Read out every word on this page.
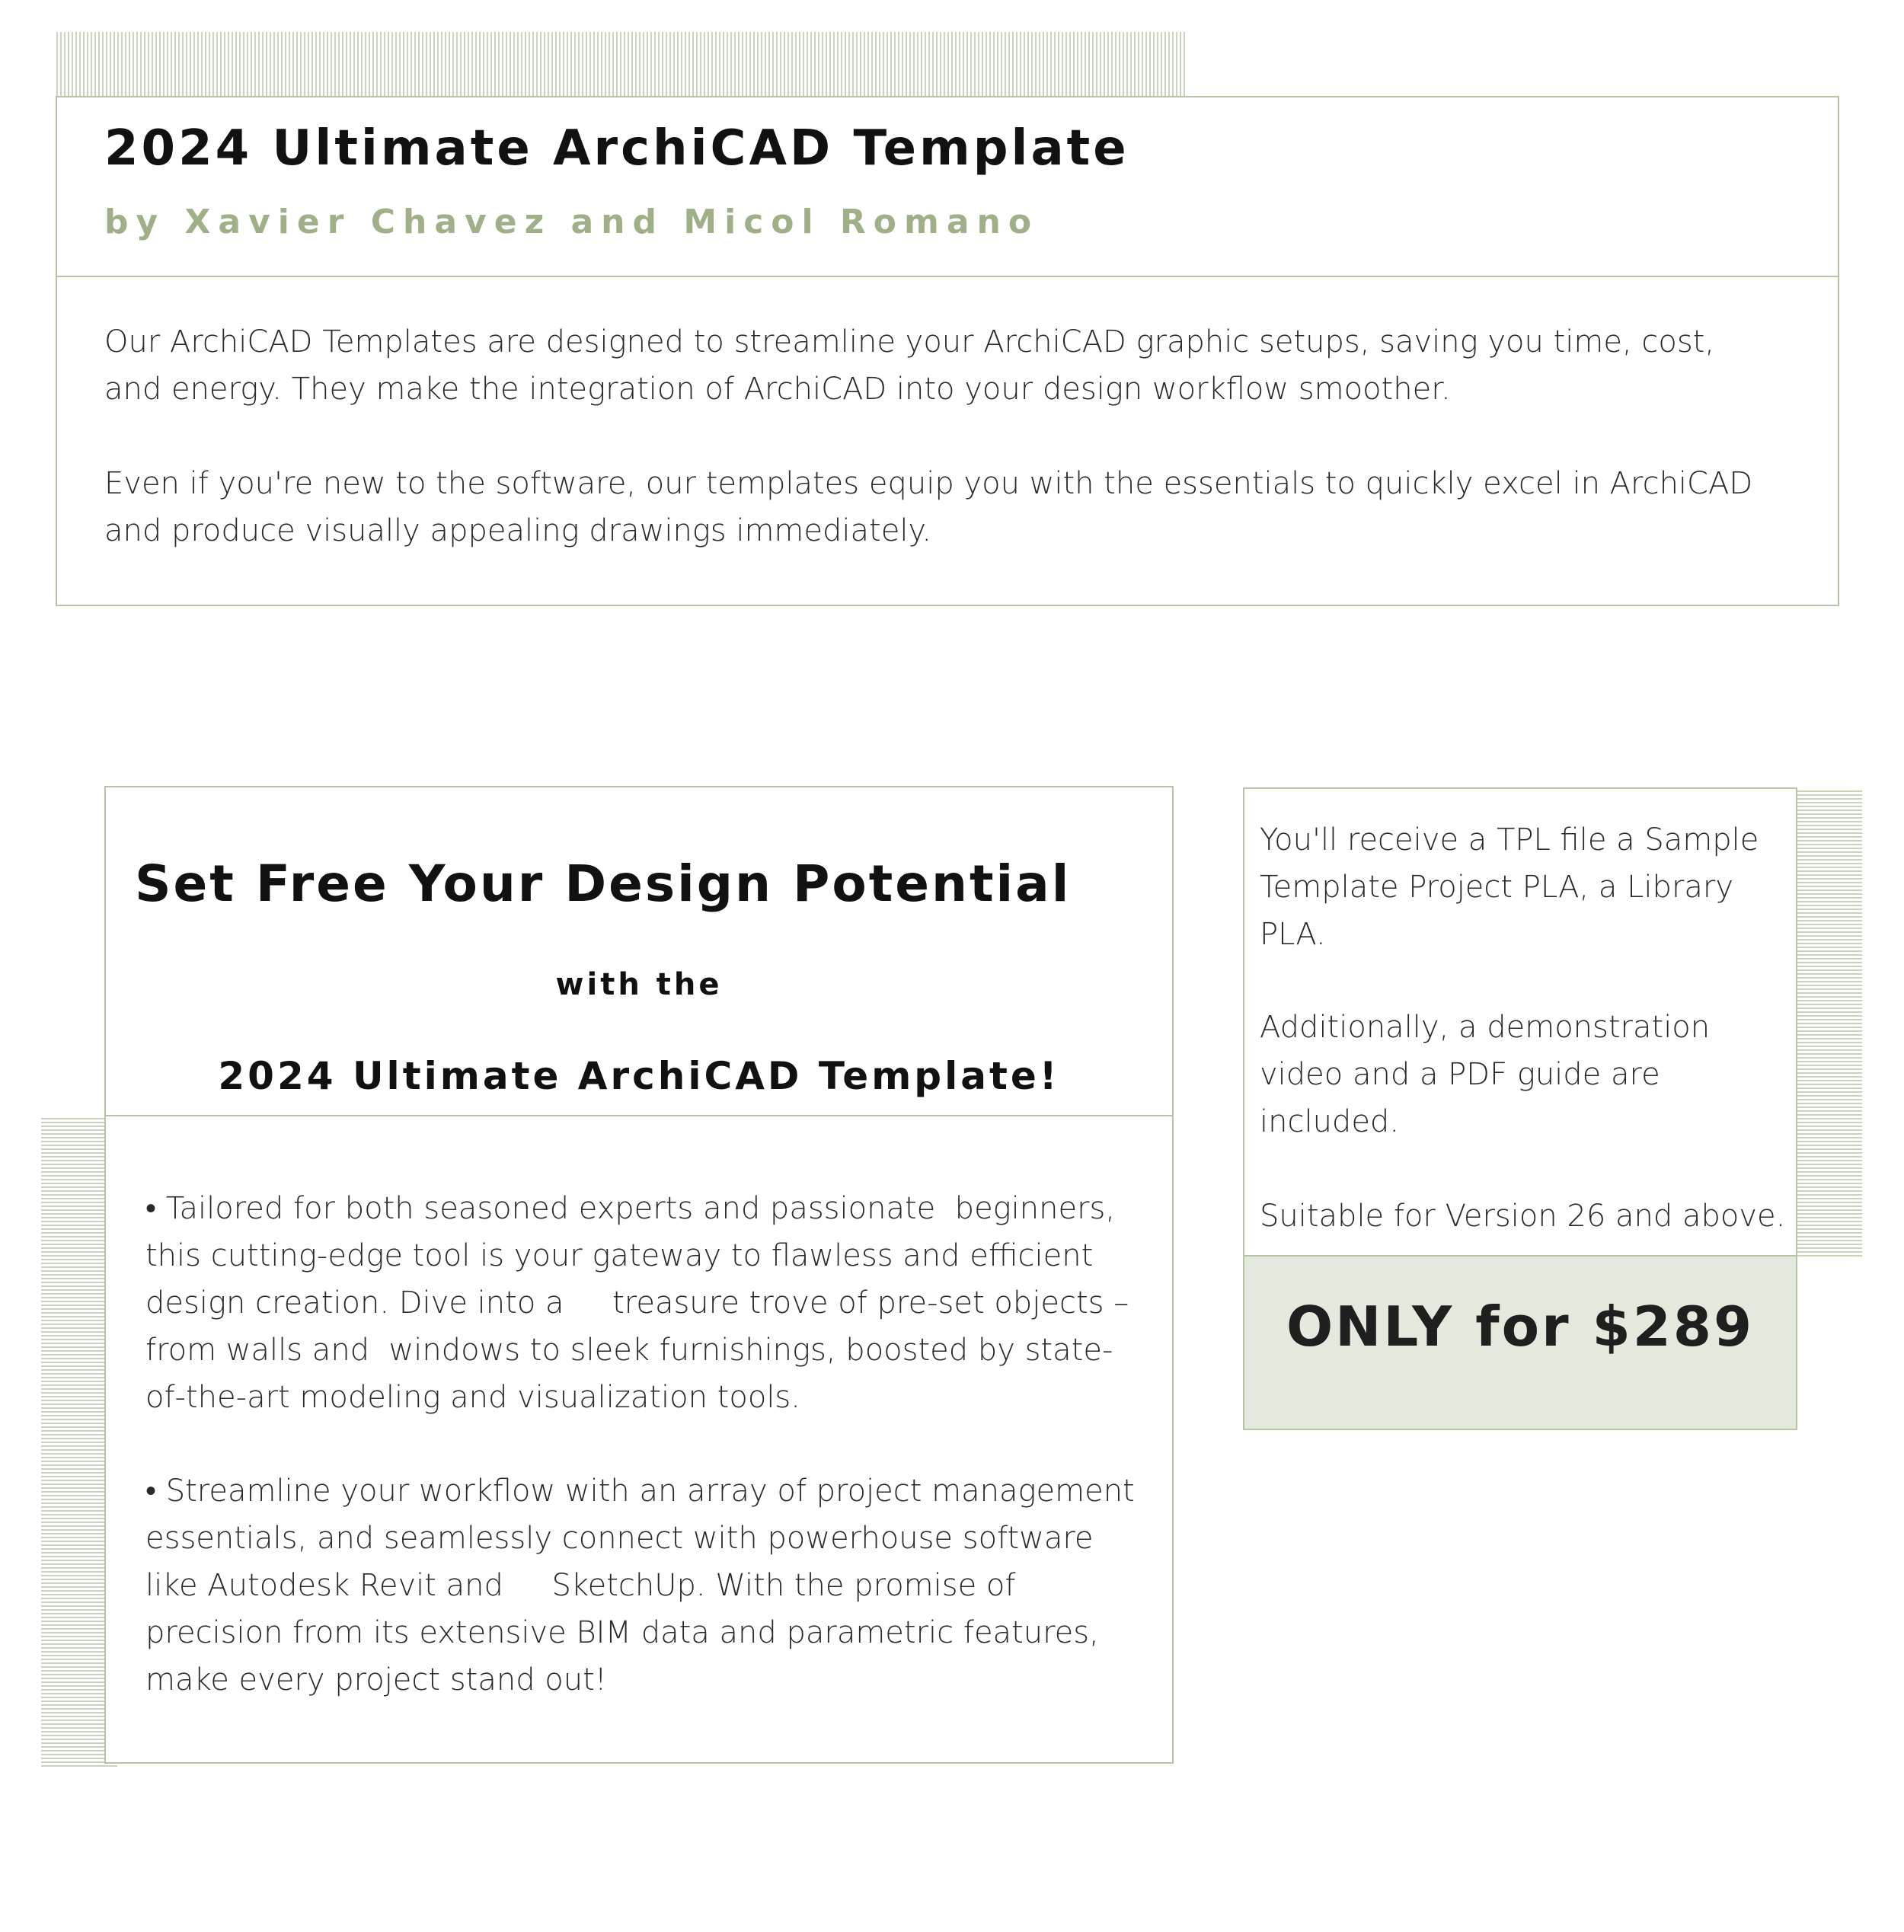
2024 Ultimate ArchiCAD Template
by Xavier Chavez and Micol Romano

Our ArchiCAD Templates are designed to streamline your ArchiCAD graphic setups, saving you time, cost, and energy. They make the integration of ArchiCAD into your design workflow smoother.

Even if you're new to the software, our templates equip you with the essentials to quickly excel in ArchiCAD and produce visually appealing drawings immediately.

Set Free Your Design Potential
with the
2024 Ultimate ArchiCAD Template!

• Tailored for both seasoned experts and passionate  beginners, this cutting-edge tool is your gateway to flawless and efficient design creation. Dive into a     treasure trove of pre-set objects – from walls and  windows to sleek furnishings, boosted by state-of-the-art modeling and visualization tools.

• Streamline your workflow with an array of project management essentials, and seamlessly connect with powerhouse software like Autodesk Revit and     SketchUp. With the promise of precision from its extensive BIM data and parametric features, make every project stand out!

You'll receive a TPL file a Sample Template Project PLA, a Library PLA.

Additionally, a demonstration video and a PDF guide are included.

Suitable for Version 26 and above.

ONLY for $289
